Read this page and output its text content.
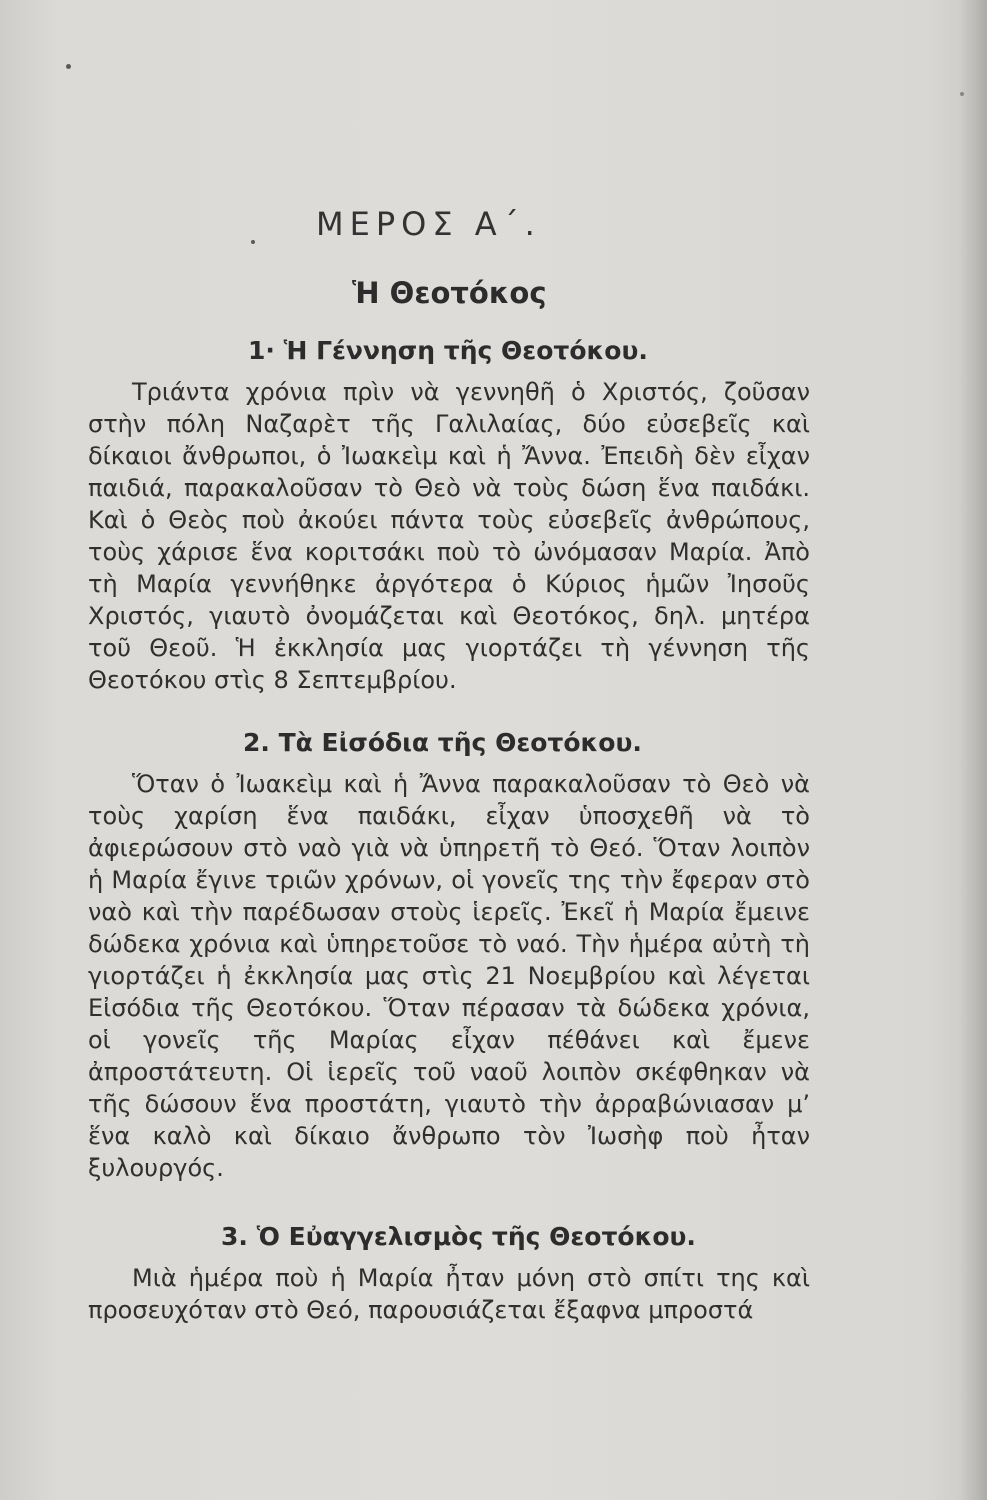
ΜΕΡΟΣ Α΄.
Ἡ Θεοτόκος
1· Ἡ Γέννηση τῆς Θεοτόκου.
Τριάντα χρόνια πρὶν νὰ γεννηθῆ ὁ Χριστός, ζοῦσαν στὴν πόλη Ναζαρὲτ τῆς Γαλιλαίας, δύο εὐσεβεῖς καὶ δίκαιοι ἄνθρωποι, ὁ Ἰωακεὶμ καὶ ἡ Ἄννα. Ἐπειδὴ δὲν εἶχαν παιδιά, παρακαλοῦσαν τὸ Θεὸ νὰ τοὺς δώση ἕνα παιδάκι. Καὶ ὁ Θεὸς ποὺ ἀκούει πάντα τοὺς εὐσεβεῖς ἀνθρώπους, τοὺς χάρισε ἕνα κοριτσάκι ποὺ τὸ ὠνόμασαν Μαρία. Ἀπὸ τὴ Μαρία γεννήθηκε ἀργότερα ὁ Κύριος ἡμῶν Ἰησοῦς Χριστός, γιαυτὸ ὀνομάζεται καὶ Θεοτόκος, δηλ. μητέρα τοῦ Θεοῦ. Ἡ ἐκκλησία μας γιορτάζει τὴ γέννηση τῆς Θεοτόκου στὶς 8 Σεπτεμβρίου.
2. Τὰ Εἰσόδια τῆς Θεοτόκου.
Ὅταν ὁ Ἰωακεὶμ καὶ ἡ Ἄννα παρακαλοῦσαν τὸ Θεὸ νὰ τοὺς χαρίση ἕνα παιδάκι, εἶχαν ὑποσχεθῆ νὰ τὸ ἀφιερώσουν στὸ ναὸ γιὰ νὰ ὑπηρετῆ τὸ Θεό. Ὅταν λοιπὸν ἡ Μαρία ἔγινε τριῶν χρόνων, οἱ γονεῖς της τὴν ἔφεραν στὸ ναὸ καὶ τὴν παρέδωσαν στοὺς ἱερεῖς. Ἐκεῖ ἡ Μαρία ἔμεινε δώδεκα χρόνια καὶ ὑπηρετοῦσε τὸ ναό. Τὴν ἡμέρα αὐτὴ τὴ γιορτάζει ἡ ἐκκλησία μας στὶς 21 Νοεμβρίου καὶ λέγεται Εἰσόδια τῆς Θεοτόκου. Ὅταν πέρασαν τὰ δώδεκα χρόνια, οἱ γονεῖς τῆς Μαρίας εἶχαν πέθάνει καὶ ἔμενε ἀπροστάτευτη. Οἱ ἱερεῖς τοῦ ναοῦ λοιπὸν σκέφθηκαν νὰ τῆς δώσουν ἕνα προστάτη, γιαυτὸ τὴν ἀρραβώνιασαν μ’ ἕνα καλὸ καὶ δίκαιο ἄνθρωπο τὸν Ἰωσὴφ ποὺ ἦταν ξυλουργός.
3. Ὁ Εὐαγγελισμὸς τῆς Θεοτόκου.
Μιὰ ἡμέρα ποὺ ἡ Μαρία ἦταν μόνη στὸ σπίτι της καὶ προσευχόταν στὸ Θεό, παρουσιάζεται ἔξαφνα μπροστά
